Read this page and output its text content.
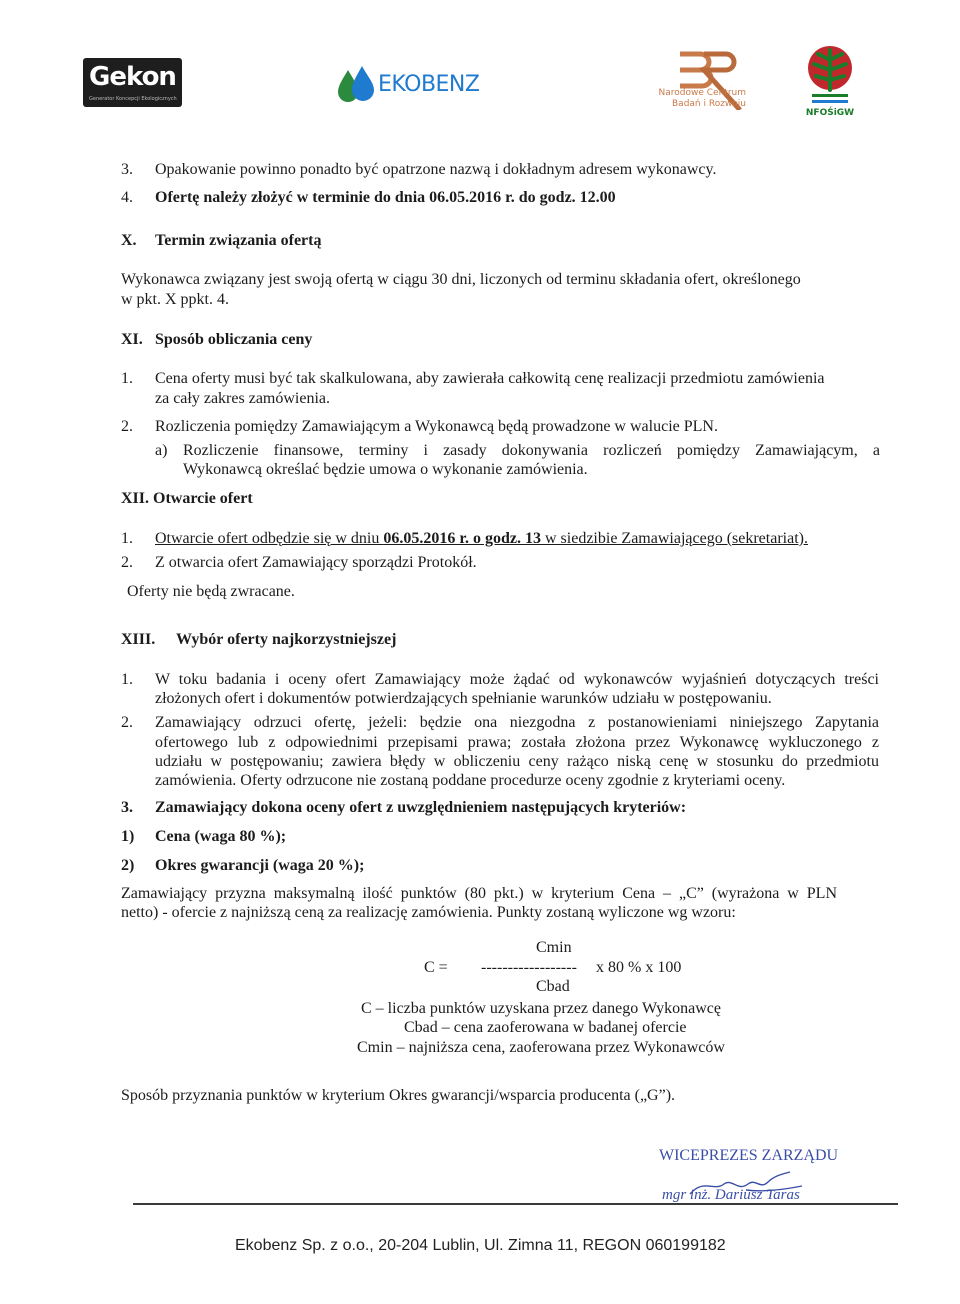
Gekon
Generator Koncepcji Ekologicznych
EKOBENZ	Narodowe Centrum
Badań i Rozwoju
NFOŚiGW
3. Opakowanie powinno ponadto być opatrzone nazwą i dokładnym adresem wykonawcy.
4. Ofertę należy złożyć w terminie do dnia 06.05.2016 r. do godz. 12.00
X. Termin związania ofertą
Wykonawca związany jest swoją ofertą w ciągu 30 dni, liczonych od terminu składania ofert, określonego
w pkt. X ppkt. 4.
XI. Sposób obliczania ceny
1. Cena oferty musi być tak skalkulowana, aby zawierała całkowitą cenę realizacji przedmiotu zamówienia
za cały zakres zamówienia.
2. Rozliczenia pomiędzy Zamawiającym a Wykonawcą będą prowadzone w walucie PLN.
a) Rozliczenie finansowe, terminy i zasady dokonywania rozliczeń pomiędzy Zamawiającym, a
Wykonawcą określać będzie umowa o wykonanie zamówienia.
XII. Otwarcie ofert
1. Otwarcie ofert odbędzie się w dniu 06.05.2016 r. o godz. 13 w siedzibie Zamawiającego (sekretariat).
2. Z otwarcia ofert Zamawiający sporządzi Protokół.
Oferty nie będą zwracane.
XIII. Wybór oferty najkorzystniejszej
1. W toku badania i oceny ofert Zamawiający może żądać od wykonawców wyjaśnień dotyczących treści
złożonych ofert i dokumentów potwierdzających spełnianie warunków udziału w postępowaniu.
2. Zamawiający odrzuci ofertę, jeżeli: będzie ona niezgodna z postanowieniami niniejszego Zapytania
ofertowego lub z odpowiednimi przepisami prawa; została złożona przez Wykonawcę wykluczonego z
udziału w postępowaniu; zawiera błędy w obliczeniu ceny rażąco niską cenę w stosunku do przedmiotu
zamówienia. Oferty odrzucone nie zostaną poddane procedurze oceny zgodnie z kryteriami oceny.
3. Zamawiający dokona oceny ofert z uwzględnieniem następujących kryteriów:
1) Cena (waga 80 %);
2) Okres gwarancji (waga 20 %);
Zamawiający przyzna maksymalną ilość punktów (80 pkt.) w kryterium Cena – „C” (wyrażona w PLN
netto) - ofercie z najniższą ceną za realizację zamówienia. Punkty zostaną wyliczone wg wzoru:
Cmin
C = ------------------ x 80 % x 100
Cbad
C – liczba punktów uzyskana przez danego Wykonawcę
Cbad – cena zaoferowana w badanej ofercie
Cmin – najniższa cena, zaoferowana przez Wykonawców
Sposób przyznania punktów w kryterium Okres gwarancji/wsparcia producenta („G”).
WICEPREZES ZARZĄDU
mgr inż. Dariusz Taras
Ekobenz Sp. z o.o., 20-204 Lublin, Ul. Zimna 11, REGON 060199182
